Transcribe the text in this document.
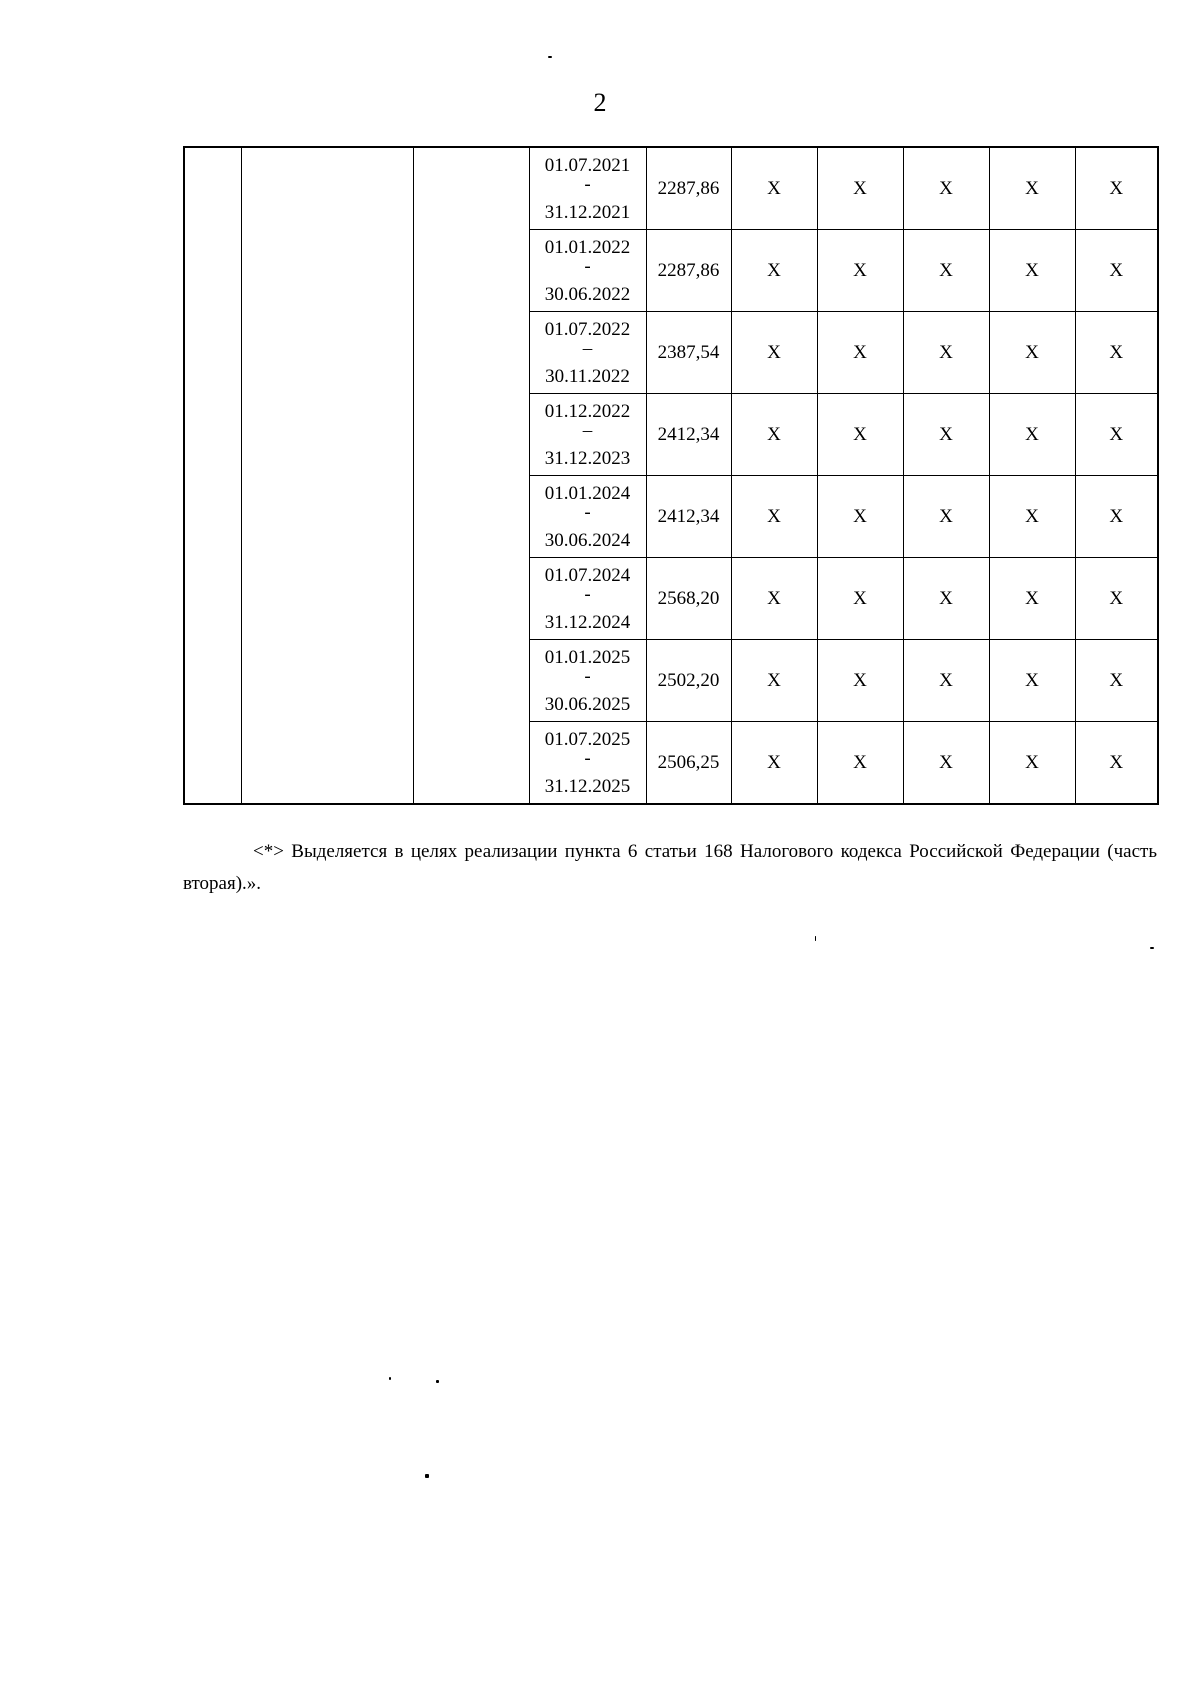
2

			01.07.2021
-
31.12.2021	2287,86	X	X	X	X	X

			01.01.2022
-
30.06.2022	2287,86	X	X	X	X	X

			01.07.2022
–
30.11.2022	2387,54	X	X	X	X	X

			01.12.2022
–
31.12.2023	2412,34	X	X	X	X	X

			01.01.2024
-
30.06.2024	2412,34	X	X	X	X	X

			01.07.2024
-
31.12.2024	2568,20	X	X	X	X	X

			01.01.2025
-
30.06.2025	2502,20	X	X	X	X	X

			01.07.2025
-
31.12.2025	2506,25	X	X	X	X	X
<*> Выделяется в целях реализации пункта 6 статьи 168 Налогового кодекса Российской Федерации (часть вторая).».
